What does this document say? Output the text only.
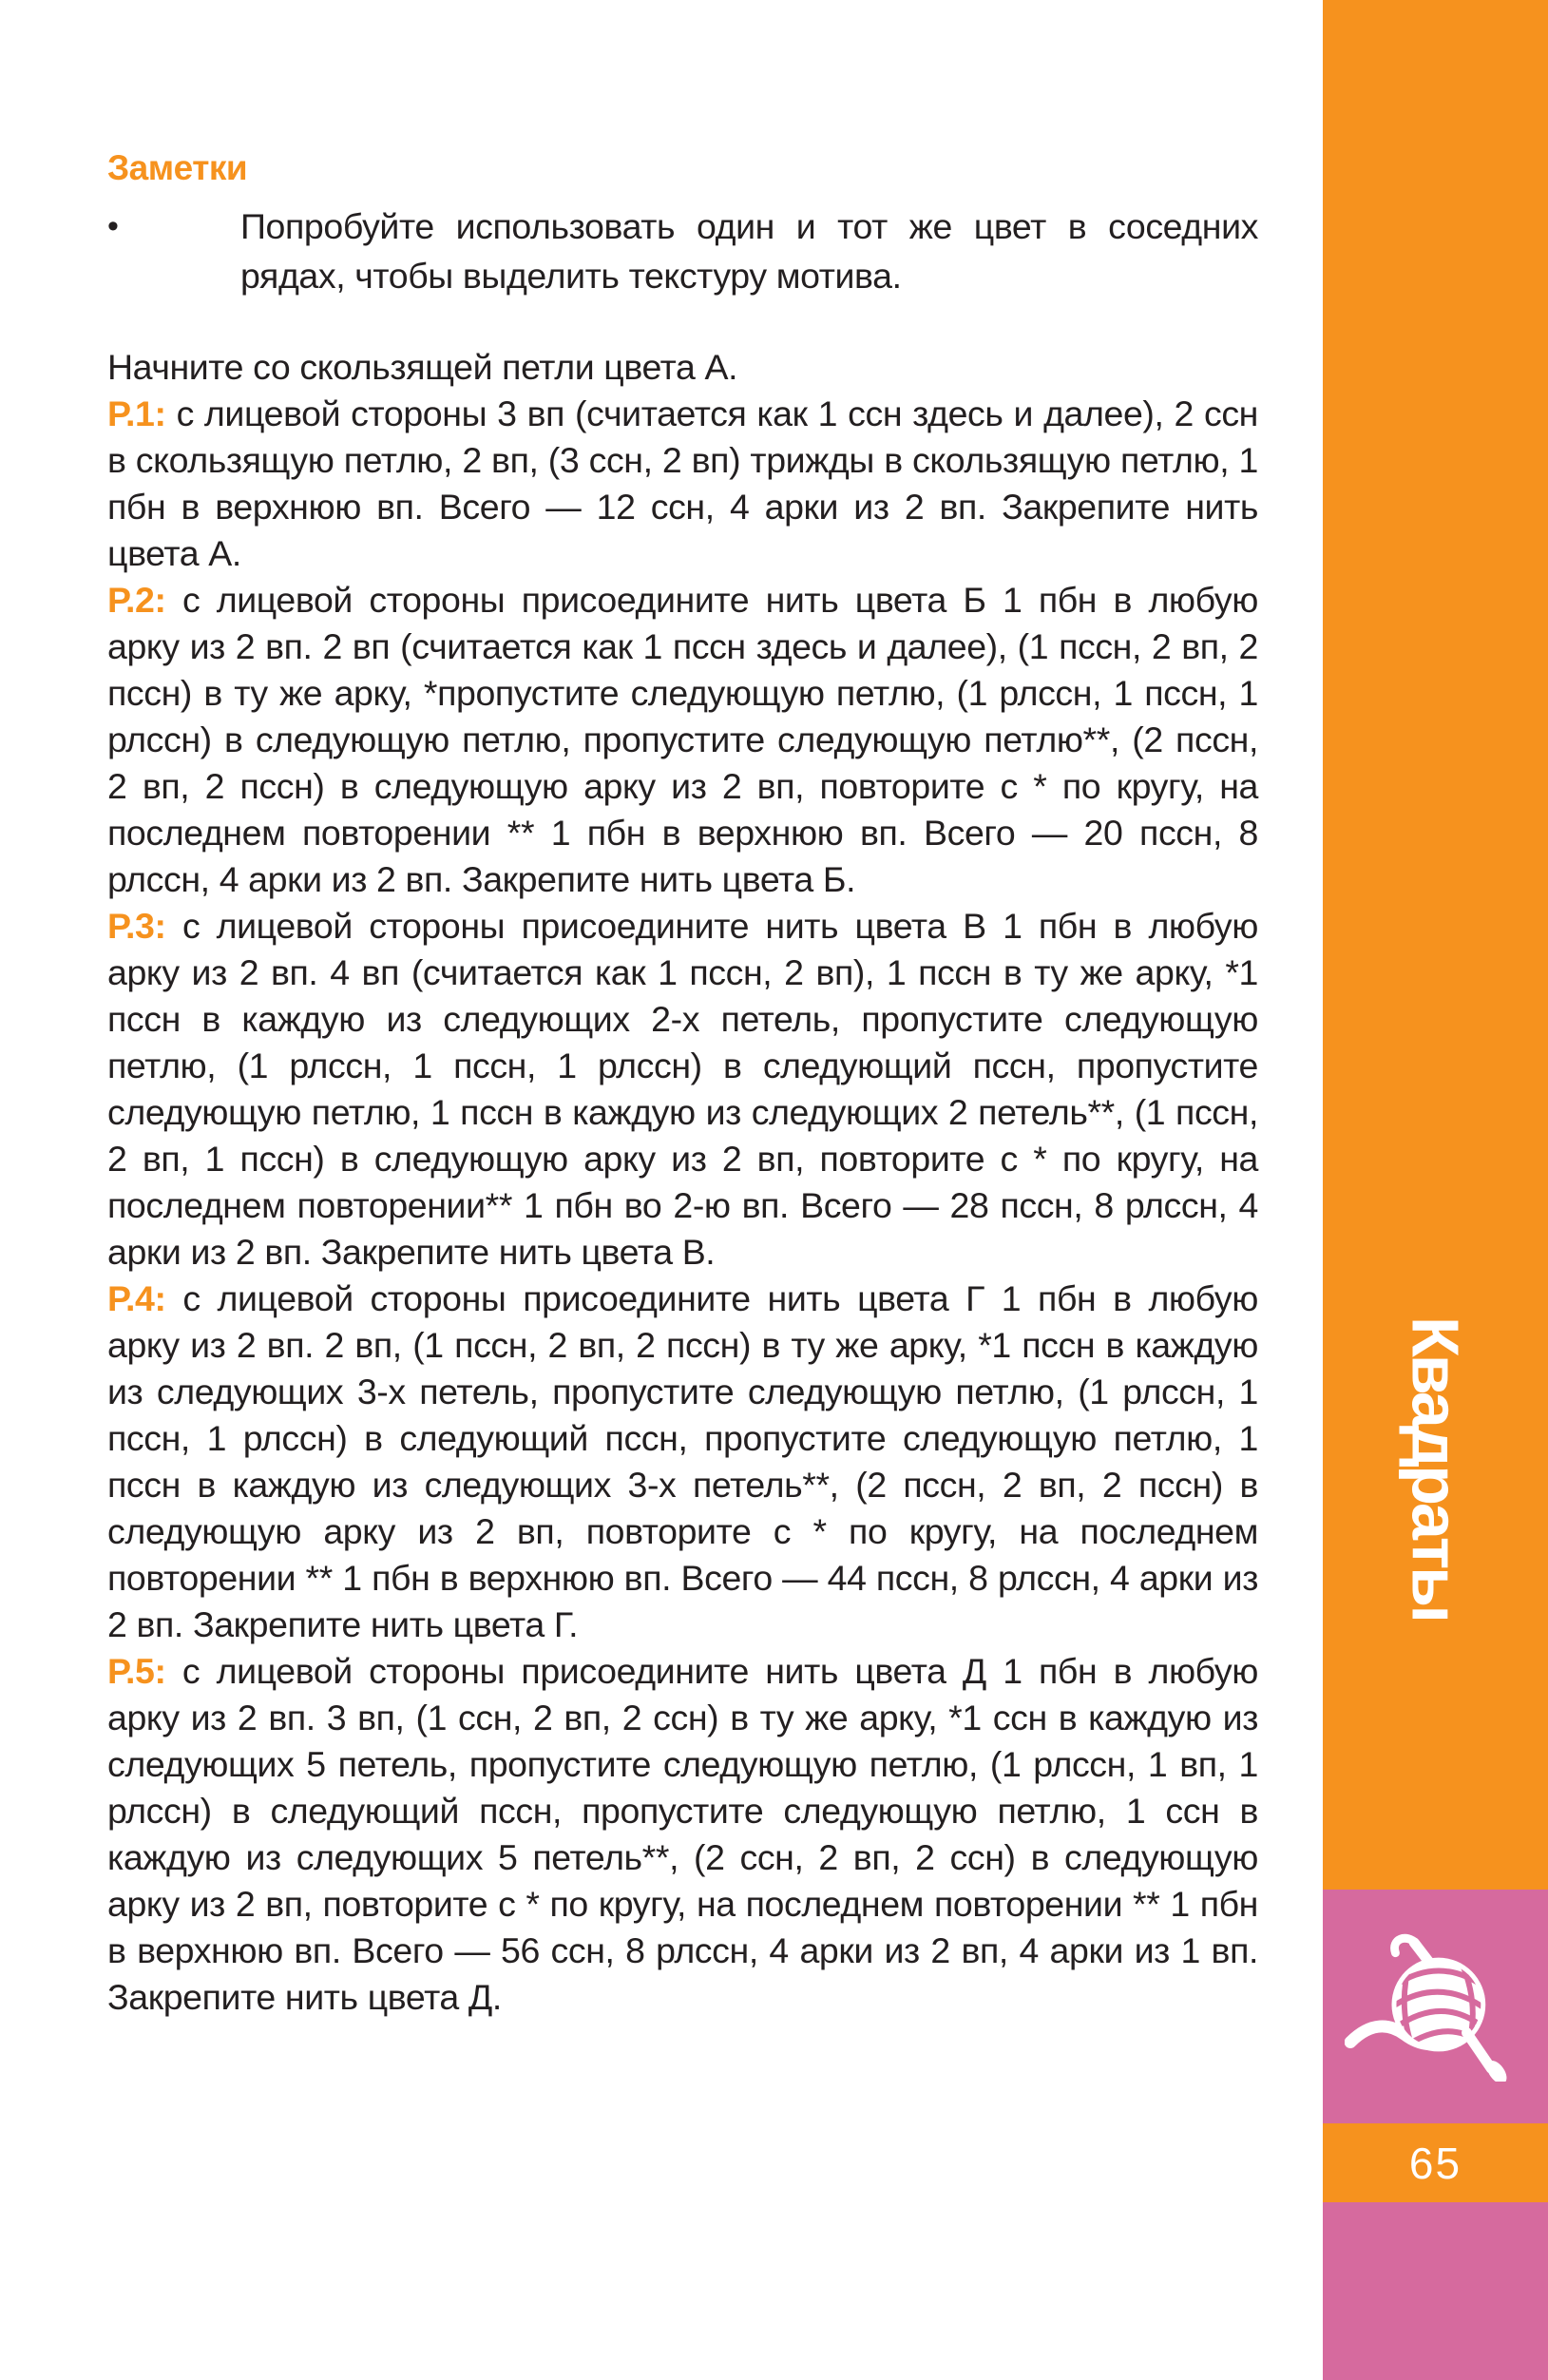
Заметки
•	Попробуйте использовать один и тот же цвет в соседних рядах, чтобы выделить текстуру мотива.

Начните со скользящей петли цвета А.

Р.1: с лицевой стороны 3 вп (считается как 1 ссн здесь и далее), 2 ссн в скользящую петлю, 2 вп, (3 ссн, 2 вп) трижды в скользящую петлю, 1 пбн в верхнюю вп. Всего — 12 ссн, 4 арки из 2 вп. Закрепите нить цвета А.

Р.2: с лицевой стороны присоедините нить цвета Б 1 пбн в любую арку из 2 вп. 2 вп (считается как 1 пссн здесь и далее), (1 пссн, 2 вп, 2 пссн) в ту же арку, *пропустите следующую петлю, (1 рлссн, 1 пссн, 1 рлссн) в следующую петлю, пропустите следующую петлю**, (2 пссн, 2 вп, 2 пссн) в следующую арку из 2 вп, повторите с * по кругу, на последнем повторении ** 1 пбн в верхнюю вп. Всего — 20 пссн, 8 рлссн, 4 арки из 2 вп. Закрепите нить цвета Б.

Р.3: с лицевой стороны присоедините нить цвета В 1 пбн в любую арку из 2 вп. 4 вп (считается как 1 пссн, 2 вп), 1 пссн в ту же арку, *1 пссн в каждую из следующих 2-х петель, пропустите следующую петлю, (1 рлссн, 1 пссн, 1 рлссн) в следующий пссн, пропустите следующую петлю, 1 пссн в каждую из следующих 2 петель**, (1 пссн, 2 вп, 1 пссн) в следующую арку из 2 вп, повторите с * по кругу, на последнем повторении** 1 пбн во 2-ю вп. Всего — 28 пссн, 8 рлссн, 4 арки из 2 вп. Закрепите нить цвета В.

Р.4: с лицевой стороны присоедините нить цвета Г 1 пбн в любую арку из 2 вп. 2 вп, (1 пссн, 2 вп, 2 пссн) в ту же арку, *1 пссн в каждую из следующих 3-х петель, пропустите следующую петлю, (1 рлссн, 1 пссн, 1 рлссн) в следующий пссн, пропустите следующую петлю, 1 пссн в каждую из следующих 3-х петель**, (2 пссн, 2 вп, 2 пссн) в следующую арку из 2 вп, повторите с * по кругу, на последнем повторении ** 1 пбн в верхнюю вп. Всего — 44 пссн, 8 рлссн, 4 арки из 2 вп. Закрепите нить цвета Г.

Р.5: с лицевой стороны присоедините нить цвета Д 1 пбн в любую арку из 2 вп. 3 вп, (1 ссн, 2 вп, 2 ссн) в ту же арку, *1 ссн в каждую из следующих 5 петель, пропустите следующую петлю, (1 рлссн, 1 вп, 1 рлссн) в следующий пссн, пропустите следующую петлю, 1 ссн в каждую из следующих 5 петель**, (2 ссн, 2 вп, 2 ссн) в следующую арку из 2 вп, повторите с * по кругу, на последнем повторении ** 1 пбн в верхнюю вп. Всего — 56 ссн, 8 рлссн, 4 арки из 2 вп, 4 арки из 1 вп. Закрепите нить цвета Д.

Квадраты
65
